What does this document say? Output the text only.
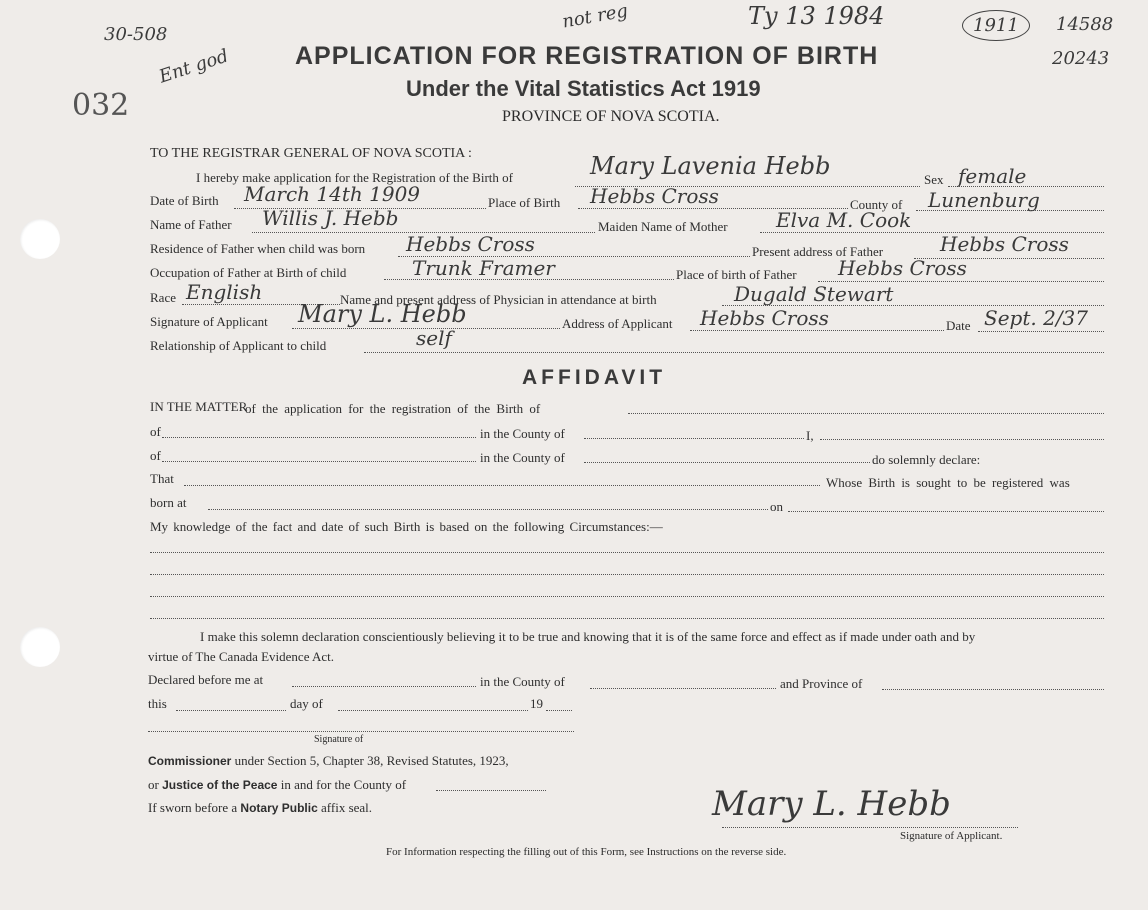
30-508
Ent god
032
not reg	Ty 13 1984	1911	14588
20243
APPLICATION FOR REGISTRATION OF BIRTH
Under the Vital Statistics Act 1919
PROVINCE OF NOVA SCOTIA.
TO THE REGISTRAR GENERAL OF NOVA SCOTIA :
I hereby make application for the Registration of the Birth of	Mary Lavenia Hebb	Sex female
Date of Birth March 14th 1909	Place of Birth Hebbs Cross	County of Lunenburg
Name of Father Willis J. Hebb	Maiden Name of Mother Elva M. Cook
Residence of Father when child was born Hebbs Cross	Present address of Father	Hebbs Cross
Occupation of Father at Birth of child	Trunk Framer	Place of birth of Father Hebbs Cross
Race English	Name and present address of Physician in attendance at birth	Dugald Stewart
Signature of Applicant Mary L. Hebb	Address of Applicant Hebbs Cross	Date Sept. 2/37
Relationship of Applicant to child	self
AFFIDAVIT
IN THE MATTER
of the application for the registration of the Birth of
of	in the County of	I,
of	in the County of	do solemnly declare:
That	Whose Birth is sought to be registered was
born at	on
My knowledge of the fact and date of such Birth is based on the following Circumstances:—
I make this solemn declaration conscientiously believing it to be true and knowing that it is of the same force and effect as if made under oath and by
virtue of The Canada Evidence Act.
Declared before me at	in the County of	and Province of
this	day of	19
Signature of
Commissioner under Section 5, Chapter 38, Revised Statutes, 1923,
or Justice of the Peace in and for the County of
If sworn before a Notary Public affix seal.	Mary L. Hebb
Signature of Applicant.
For Information respecting the filling out of this Form, see Instructions on the reverse side.
